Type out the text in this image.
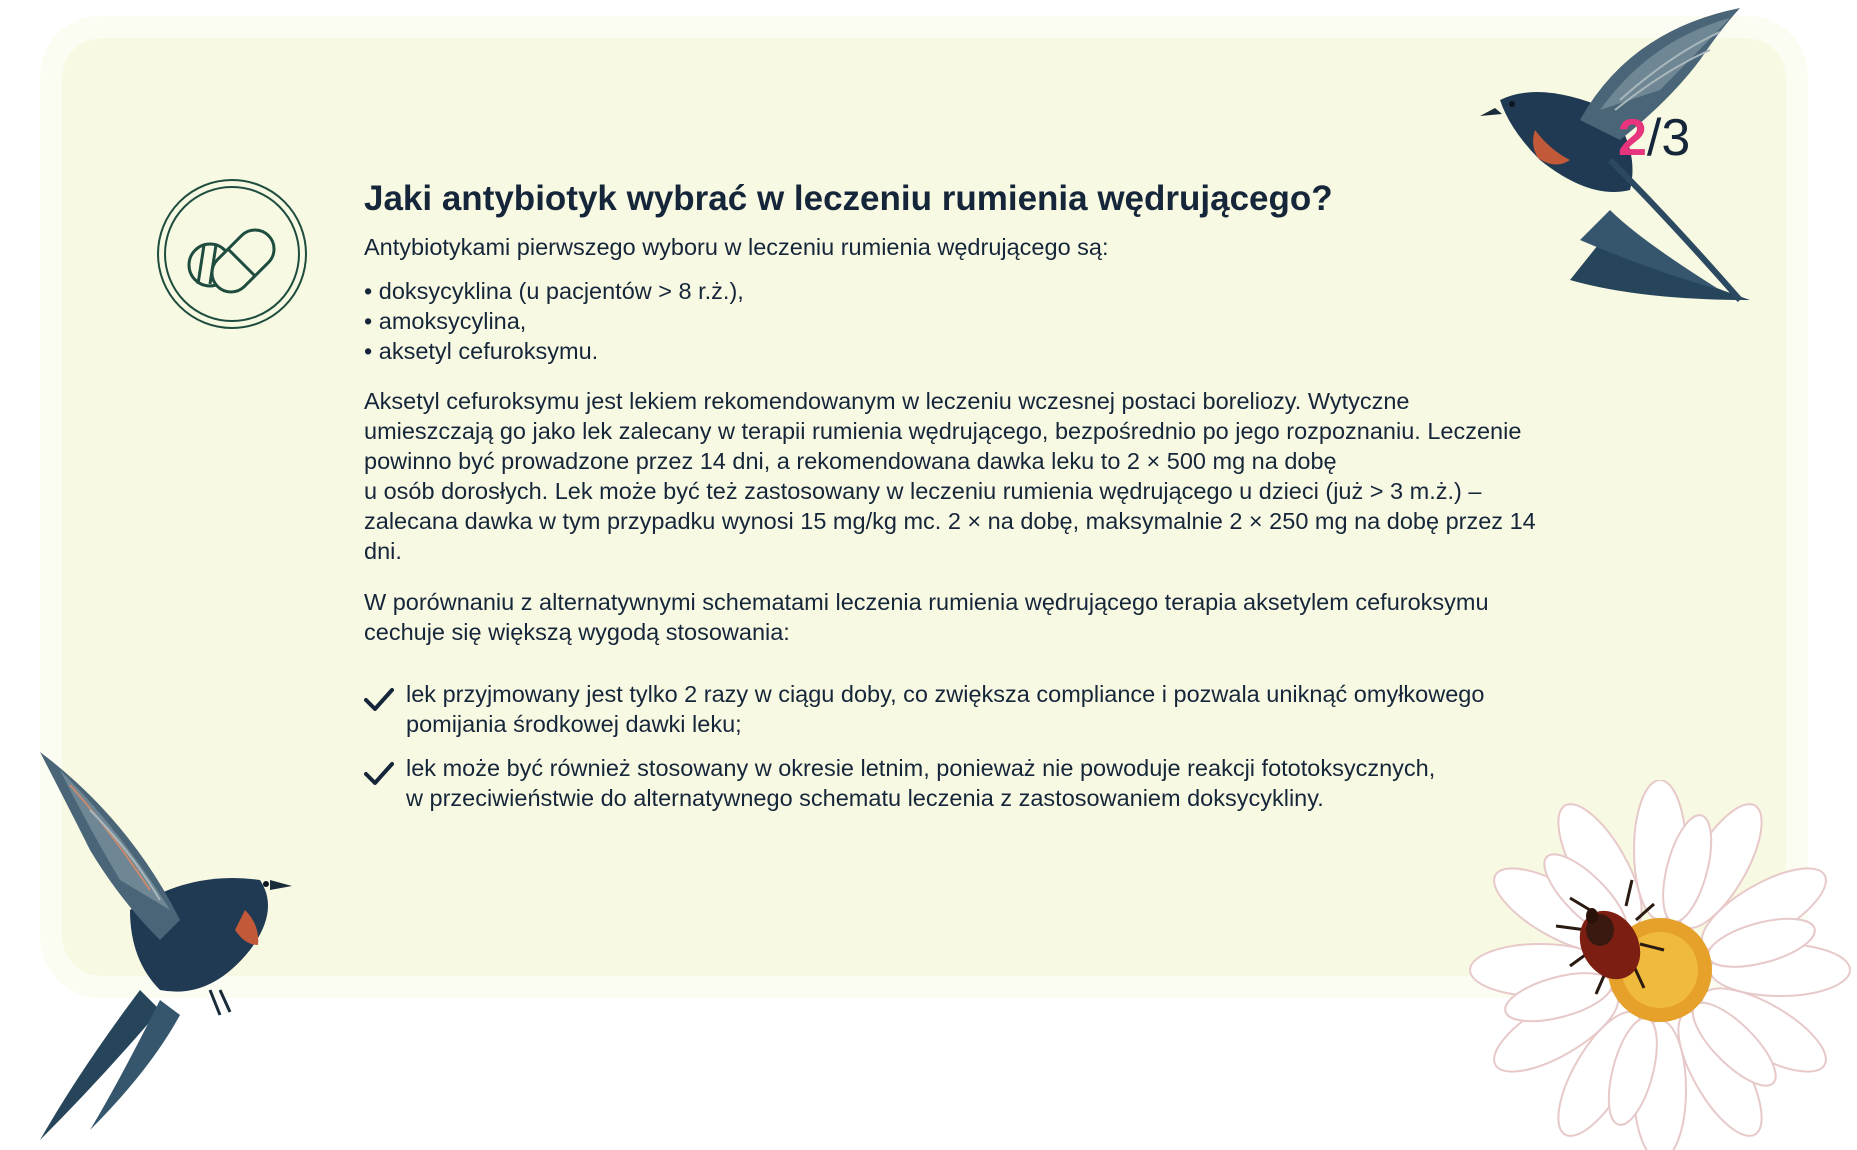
2/3
Jaki antybiotyk wybrać w leczeniu rumienia wędrującego?

Antybiotykami pierwszego wyboru w leczeniu rumienia wędrującego są:

• doksycyklina (u pacjentów > 8 r.ż.),
• amoksycylina,
• aksetyl cefuroksymu.
Aksetyl cefuroksymu jest lekiem rekomendowanym w leczeniu wczesnej postaci boreliozy. Wytyczne
umieszczają go jako lek zalecany w terapii rumienia wędrującego, bezpośrednio po jego rozpoznaniu. Leczenie
powinno być prowadzone przez 14 dni, a rekomendowana dawka leku to 2 × 500 mg na dobę
u osób dorosłych. Lek może być też zastosowany w leczeniu rumienia wędrującego u dzieci (już > 3 m.ż.) –
zalecana dawka w tym przypadku wynosi 15 mg/kg mc. 2 × na dobę, maksymalnie 2 × 250 mg na dobę przez 14
dni.
W porównaniu z alternatywnymi schematami leczenia rumienia wędrującego terapia aksetylem cefuroksymu
cechuje się większą wygodą stosowania:
lek przyjmowany jest tylko 2 razy w ciągu doby, co zwiększa compliance i pozwala uniknąć omyłkowego
pomijania środkowej dawki leku;
lek może być również stosowany w okresie letnim, ponieważ nie powoduje reakcji fototoksycznych,
w przeciwieństwie do alternatywnego schematu leczenia z zastosowaniem doksycykliny.
